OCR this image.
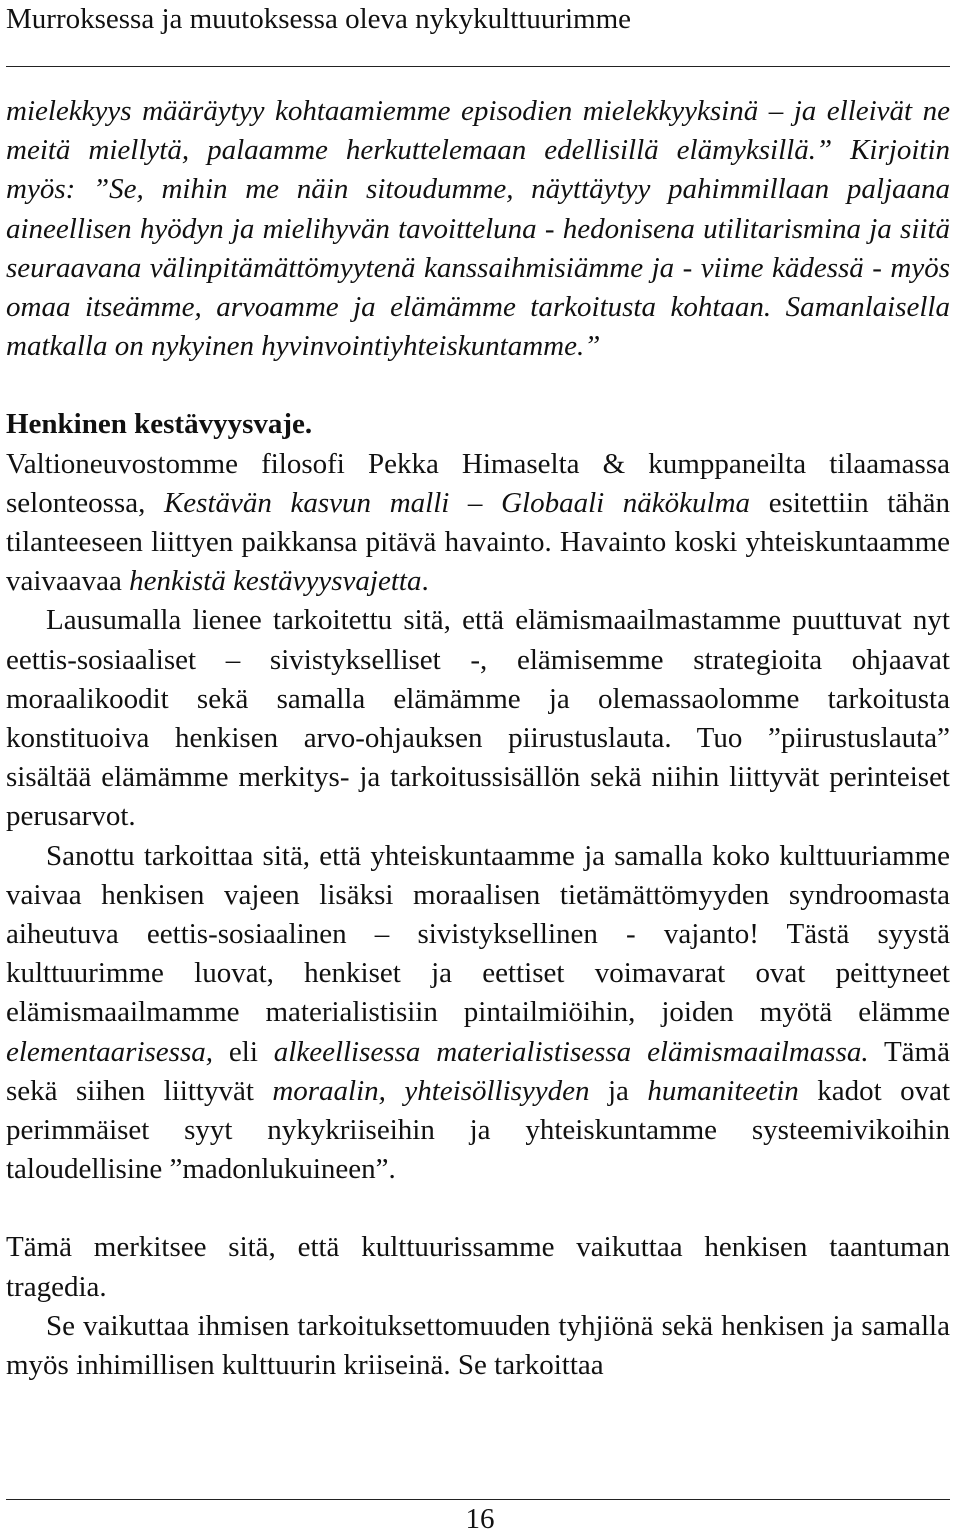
Murroksessa ja muutoksessa oleva nykykulttuurimme

mielekkyys määräytyy kohtaamiemme episodien mielekkyyksinä – ja elleivät ne meitä miellytä, palaamme herkuttelemaan edellisillä elämyksillä.” Kirjoitin myös: ”Se, mihin me näin sitoudumme, näyttäytyy pahimmillaan paljaana aineellisen hyödyn ja mielihyvän tavoitteluna - hedonisena utilitarismina ja siitä seuraavana välinpitämättömyytenä kanssaihmisiämme ja - viime kädessä - myös omaa itseämme, arvoamme ja elämämme tarkoitusta kohtaan. Samanlaisella matkalla on nykyinen hyvinvointiyhteiskuntamme.”

Henkinen kestävyysvaje.

Valtioneuvostomme filosofi Pekka Himaselta & kumppaneilta tilaamassa selonteossa, Kestävän kasvun malli – Globaali näkökulma esitettiin tähän tilanteeseen liittyen paikkansa pitävä havainto. Havainto koski yhteiskuntaamme vaivaavaa henkistä kestävyysvajetta.

Lausumalla lienee tarkoitettu sitä, että elämismaailmastamme puuttuvat nyt eettis-sosiaaliset – sivistykselliset -, elämisemme strategioita ohjaavat moraalikoodit sekä samalla elämämme ja olemassaolomme tarkoitusta konstituoiva henkisen arvo-ohjauksen piirustuslauta. Tuo ”piirustuslauta” sisältää elämämme merkitys- ja tarkoitussisällön sekä niihin liittyvät perinteiset perusarvot.

Sanottu tarkoittaa sitä, että yhteiskuntaamme ja samalla koko kulttuuriamme vaivaa henkisen vajeen lisäksi moraalisen tietämättömyyden syndroomasta aiheutuva eettis-sosiaalinen – sivistyksellinen - vajanto! Tästä syystä kulttuurimme luovat, henkiset ja eettiset voimavarat ovat peittyneet elämismaailmamme materialistisiin pintailmiöihin, joiden myötä elämme elementaarisessa, eli alkeellisessa materialistisessa elämismaailmassa. Tämä sekä siihen liittyvät moraalin, yhteisöllisyyden ja humaniteetin kadot ovat perimmäiset syyt nykykriiseihin ja yhteiskuntamme systeemivikoihin taloudellisine ”madonlukuineen”.

Tämä merkitsee sitä, että kulttuurissamme vaikuttaa henkisen taantuman tragedia.

Se vaikuttaa ihmisen tarkoituksettomuuden tyhjiönä sekä henkisen ja samalla myös inhimillisen kulttuurin kriiseinä. Se tarkoittaa

16
